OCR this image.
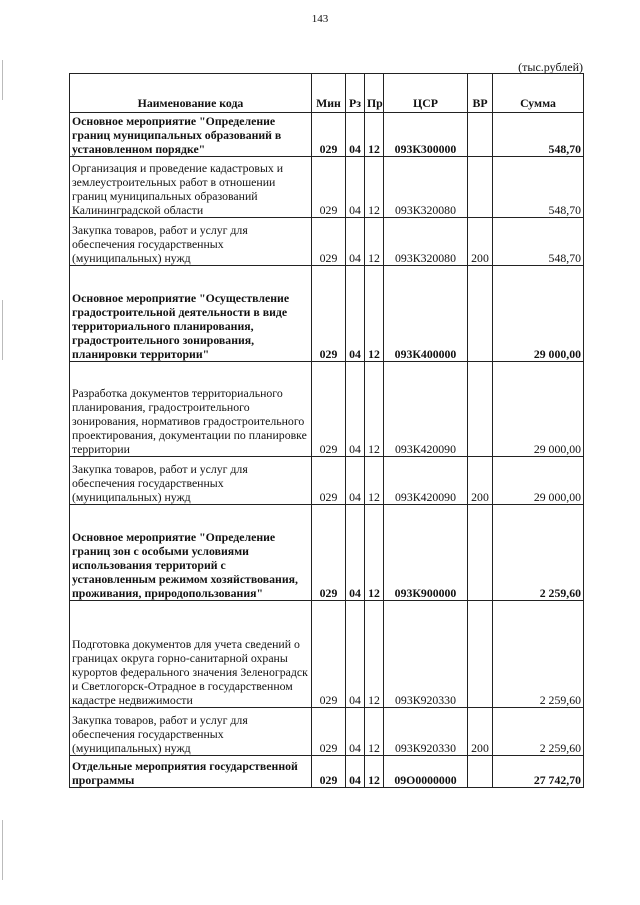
143
(тыс.рублей)
Наименование кода	Мин	Рз	Пр	ЦСР	ВР	Сумма
Основное мероприятие "Определение границ муниципальных образований в установленном порядке"	029	04	12	093К300000		548,70
Организация и проведение кадастровых и землеустроительных работ в отношении границ муниципальных образований Калининградской области	029	04	12	093К320080		548,70
Закупка товаров, работ и услуг для обеспечения государственных (муниципальных) нужд	029	04	12	093К320080	200	548,70
Основное мероприятие "Осуществление градостроительной деятельности в виде территориального планирования, градостроительного зонирования, планировки территории"	029	04	12	093К400000		29 000,00
Разработка документов территориального планирования, градостроительного зонирования, нормативов градостроительного проектирования, документации по планировке территории	029	04	12	093К420090		29 000,00
Закупка товаров, работ и услуг для обеспечения государственных (муниципальных) нужд	029	04	12	093К420090	200	29 000,00
Основное мероприятие "Определение границ зон с особыми условиями использования территорий с установленным режимом хозяйствования, проживания, природопользования"	029	04	12	093К900000		2 259,60
Подготовка документов для учета сведений о границах округа горно-санитарной охраны курортов федерального значения Зеленоградск и Светлогорск-Отрадное в государственном кадастре недвижимости	029	04	12	093К920330		2 259,60
Закупка товаров, работ и услуг для обеспечения государственных (муниципальных) нужд	029	04	12	093К920330	200	2 259,60
Отдельные мероприятия государственной программы	029	04	12	09О0000000		27 742,70
